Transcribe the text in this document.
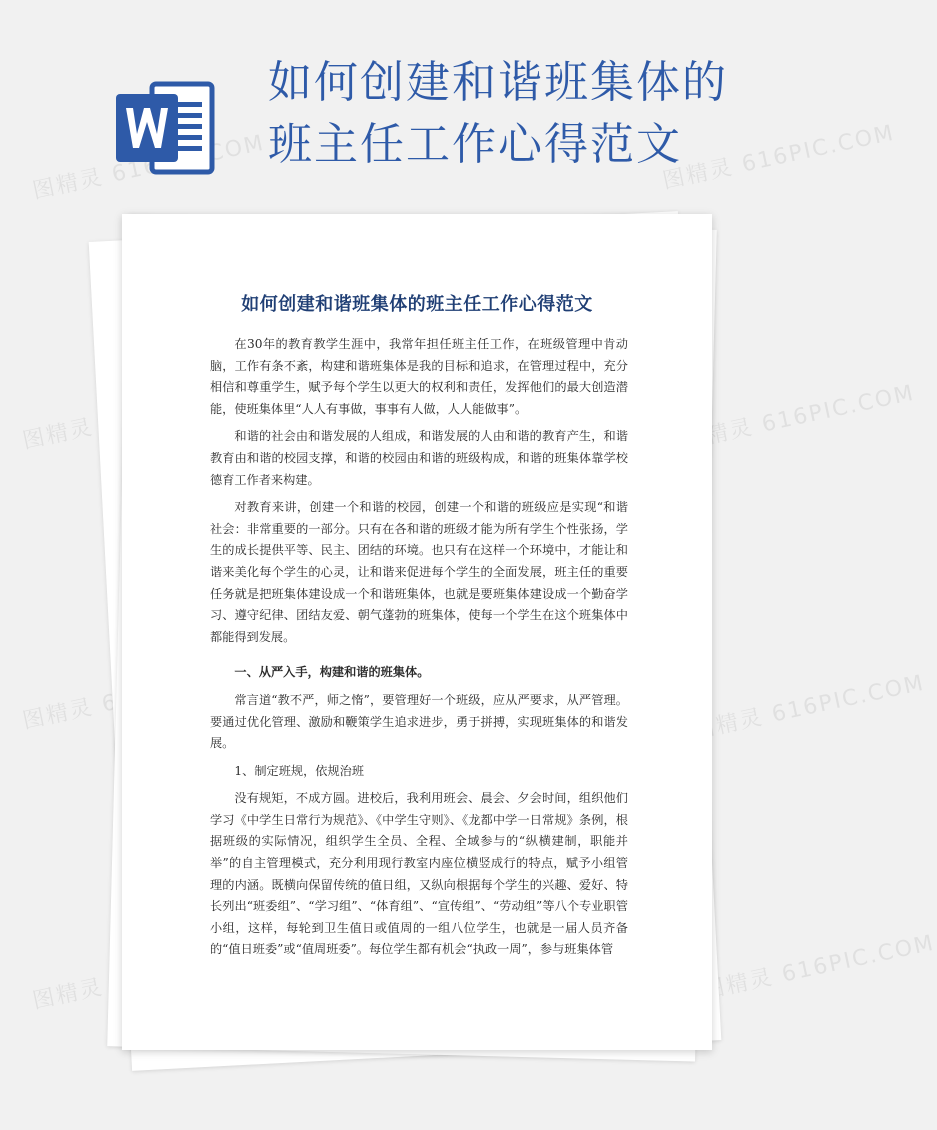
图精灵 616PIC.COM	图精灵 616PIC.COM
图精灵	图精灵 616PIC.COM
图精灵	图精灵 616PIC.COM
图精灵	图精灵 616PIC.COM
如何创建和谐班集体的
班主任工作心得范文
如何创建和谐班集体的班主任工作心得范文

在30年的教育教学生涯中，我常年担任班主任工作，在班级管理中肯动脑，工作有条不紊，构建和谐班集体是我的目标和追求，在管理过程中，充分相信和尊重学生，赋予每个学生以更大的权利和责任，发挥他们的最大创造潜能，使班集体里“人人有事做，事事有人做，人人能做事”。

和谐的社会由和谐发展的人组成，和谐发展的人由和谐的教育产生，和谐教育由和谐的校园支撑，和谐的校园由和谐的班级构成，和谐的班集体靠学校德育工作者来构建。

对教育来讲，创建一个和谐的校园，创建一个和谐的班级应是实现“和谐社会：非常重要的一部分。只有在各和谐的班级才能为所有学生个性张扬，学生的成长提供平等、民主、团结的环境。也只有在这样一个环境中，才能让和谐来美化每个学生的心灵，让和谐来促进每个学生的全面发展，班主任的重要任务就是把班集体建设成一个和谐班集体，也就是要班集体建设成一个勤奋学习、遵守纪律、团结友爱、朝气蓬勃的班集体，使每一个学生在这个班集体中都能得到发展。

一、从严入手，构建和谐的班集体。

常言道“教不严，师之惰”，要管理好一个班级，应从严要求，从严管理。要通过优化管理、激励和鞭策学生追求进步，勇于拼搏，实现班集体的和谐发展。

1、制定班规，依规治班

没有规矩，不成方圆。进校后，我利用班会、晨会、夕会时间，组织他们学习《中学生日常行为规范》、《中学生守则》、《龙都中学一日常规》条例，根据班级的实际情况，组织学生全员、全程、全域参与的“纵横建制，职能并举”的自主管理模式，充分利用现行教室内座位横竖成行的特点，赋予小组管理的内涵。既横向保留传统的值日组，又纵向根据每个学生的兴趣、爱好、特长列出“班委组”、“学习组”、“体育组”、“宣传组”、“劳动组”等八个专业职管小组，这样，每轮到卫生值日或值周的一组八位学生，也就是一届人员齐备的“值日班委”或“值周班委”。每位学生都有机会“执政一周”，参与班集体管
